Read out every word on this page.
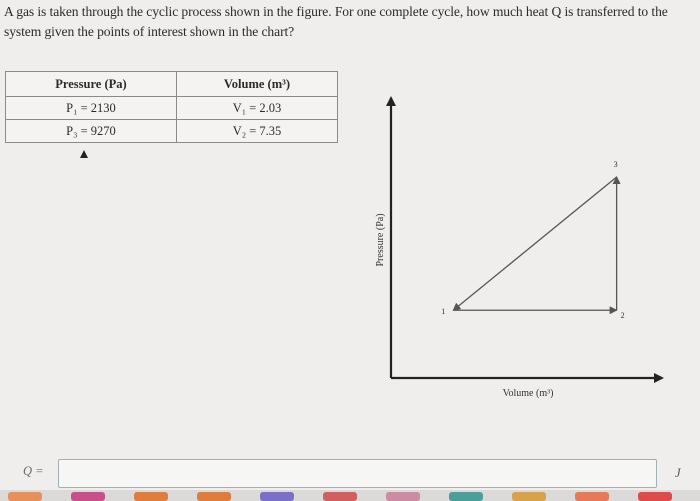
A gas is taken through the cyclic process shown in the figure. For one complete cycle, how much heat Q is transferred to the system given the points of interest shown in the chart?
Pressure (Pa)	Volume (m³)
P₁ = 2130	V₁ = 2.03
P₃ = 9270	V₂ = 7.35
Pressure (Pa)
Volume (m³)
1	2
3
Q =	J
